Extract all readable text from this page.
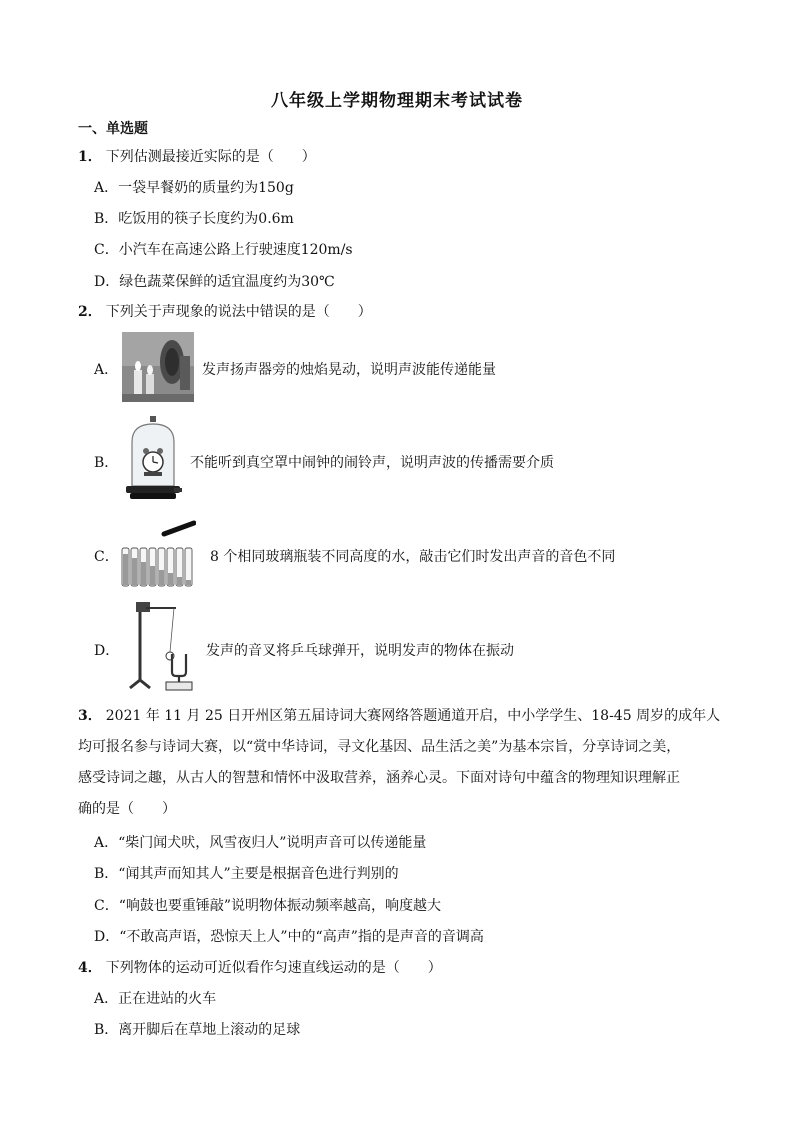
八年级上学期物理期末考试试卷
一、单选题
1． 下列估测最接近实际的是（　　）
A．一袋早餐奶的质量约为150g
B．吃饭用的筷子长度约为0.6m
C．小汽车在高速公路上行驶速度120m/s
D．绿色蔬菜保鲜的适宜温度约为30℃
2． 下列关于声现象的说法中错误的是（　　）
A．	发声扬声器旁的烛焰晃动，说明声波能传递能量
B．	不能听到真空罩中闹钟的闹铃声，说明声波的传播需要介质
C．	8 个相同玻璃瓶装不同高度的水，敲击它们时发出声音的音色不同
D．	发声的音叉将乒乓球弹开，说明发声的物体在振动
3． 2021 年 11 月 25 日开州区第五届诗词大赛网络答题通道开启，中小学学生、18-45 周岁的成年人
均可报名参与诗词大赛，以“赏中华诗词，寻文化基因、品生活之美”为基本宗旨，分享诗词之美，
感受诗词之趣，从古人的智慧和情怀中汲取营养，涵养心灵。下面对诗句中蕴含的物理知识理解正
确的是（　　）
A．“柴门闻犬吠，风雪夜归人”说明声音可以传递能量
B．“闻其声而知其人”主要是根据音色进行判别的
C．“响鼓也要重锤敲”说明物体振动频率越高，响度越大
D．“不敢高声语，恐惊天上人”中的“高声”指的是声音的音调高
4． 下列物体的运动可近似看作匀速直线运动的是（　　）
A．正在进站的火车
B．离开脚后在草地上滚动的足球
